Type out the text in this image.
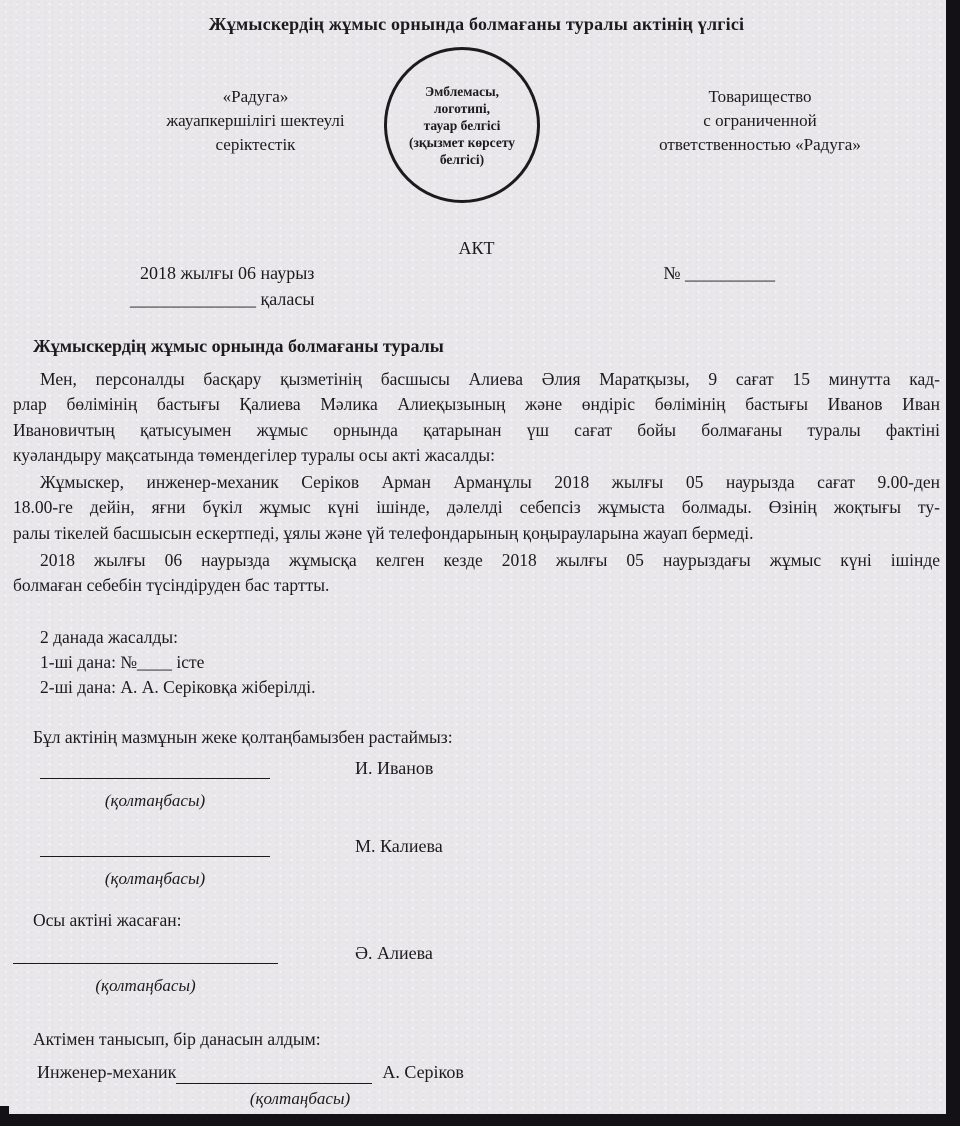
Жұмыскердің жұмыс орнында болмағаны туралы актінің үлгісі
«Радуга»
жауапкершілігі шектеулі
серіктестік
Эмблемасы,
логотипі,
тауар белгісі
(зқызмет көрсету
белгісі)
Товарищество
с ограниченной
ответственностью «Радуга»
АКТ
2018 жылғы 06 наурыз	№ __________
______________ қаласы
Жұмыскердің жұмыс орнында болмағаны туралы
Мен, персоналды басқару қызметінің басшысы Алиева Әлия Маратқызы, 9 сағат 15 минутта кад-
рлар бөлімінің бастығы Қалиева Мәлика Алиеқызының және өндіріс бөлімінің бастығы Иванов Иван
Ивановичтың қатысуымен жұмыс орнында қатарынан үш сағат бойы болмағаны туралы фактіні
куәландыру мақсатында төмендегілер туралы осы акті жасалды:
Жұмыскер, инженер-механик Серіков Арман Арманұлы 2018 жылғы 05 наурызда сағат 9.00-ден
18.00-ге дейін, яғни бүкіл жұмыс күні ішінде, дәлелді себепсіз жұмыста болмады. Өзінің жоқтығы ту-
ралы тікелей басшысын ескертпеді, ұялы және үй телефондарының қоңырауларына жауап бермеді.
2018 жылғы 06 наурызда жұмысқа келген кезде 2018 жылғы 05 наурыздағы жұмыс күні ішінде
болмаған себебін түсіндіруден бас тартты.
2 данада жасалды:
1-ші дана: №____ істе
2-ші дана: А. А. Серіковқа жіберілді.
Бұл актінің мазмұнын жеке қолтаңбамызбен растаймыз:
И. Иванов
(қолтаңбасы)
М. Калиева
(қолтаңбасы)
Осы актіні жасаған:
Ә. Алиева
(қолтаңбасы)
Актімен танысып, бір данасын алдым:
Инженер-механик	А. Серіков
(қолтаңбасы)
